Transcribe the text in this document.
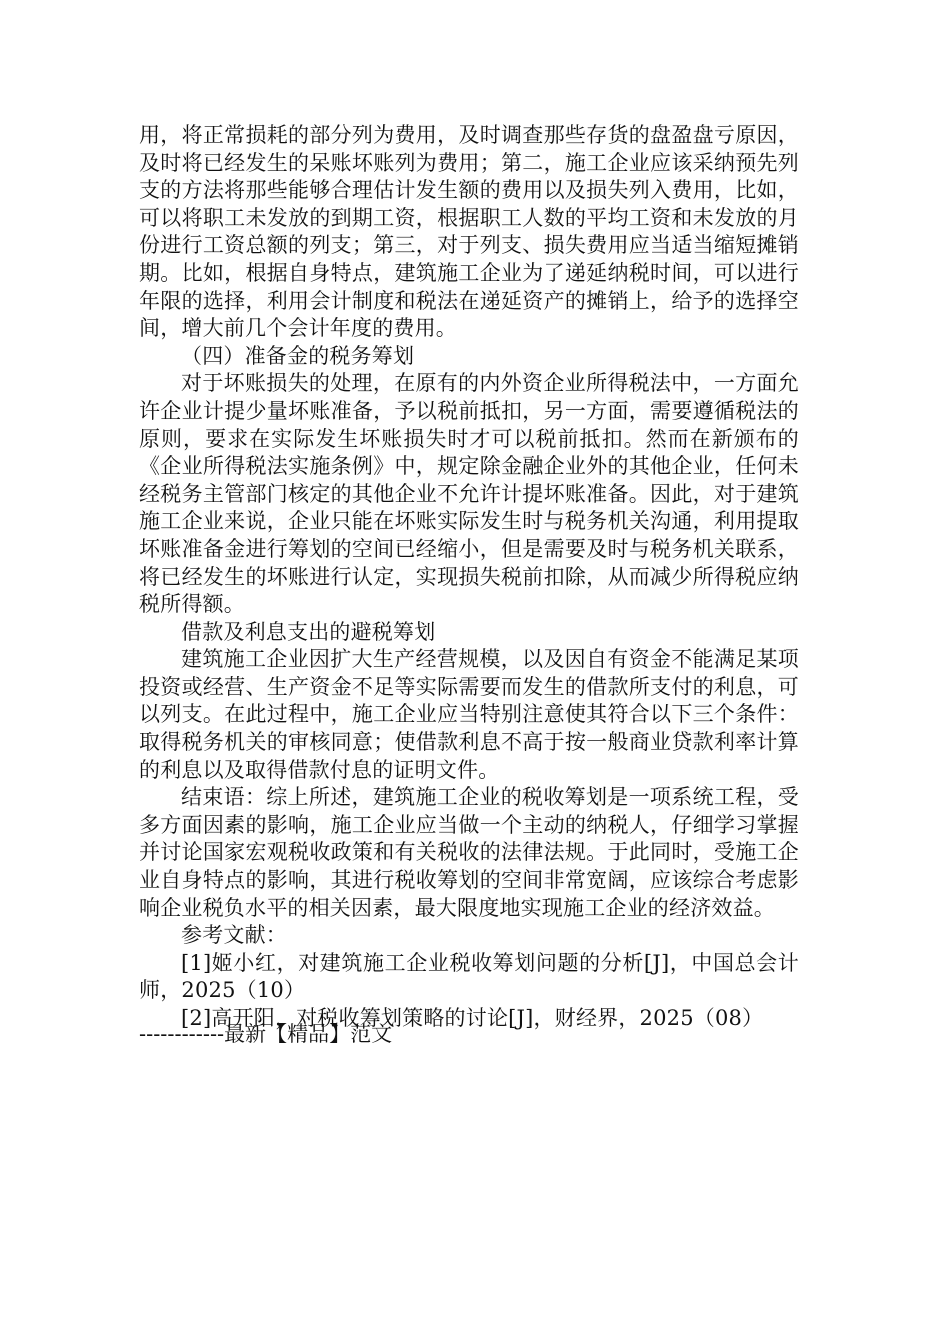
用，将正常损耗的部分列为费用，及时调查那些存货的盘盈盘亏原因，及时将已经发生的呆账坏账列为费用；第二，施工企业应该采纳预先列支的方法将那些能够合理估计发生额的费用以及损失列入费用，比如，可以将职工未发放的到期工资，根据职工人数的平均工资和未发放的月份进行工资总额的列支；第三，对于列支、损失费用应当适当缩短摊销期。比如，根据自身特点，建筑施工企业为了递延纳税时间，可以进行年限的选择，利用会计制度和税法在递延资产的摊销上，给予的选择空间，增大前几个会计年度的费用。

（四）准备金的税务筹划

对于坏账损失的处理，在原有的内外资企业所得税法中，一方面允许企业计提少量坏账准备，予以税前抵扣，另一方面，需要遵循税法的原则，要求在实际发生坏账损失时才可以税前抵扣。然而在新颁布的《企业所得税法实施条例》中，规定除金融企业外的其他企业，任何未经税务主管部门核定的其他企业不允许计提坏账准备。因此，对于建筑施工企业来说，企业只能在坏账实际发生时与税务机关沟通，利用提取坏账准备金进行筹划的空间已经缩小，但是需要及时与税务机关联系，将已经发生的坏账进行认定，实现损失税前扣除，从而减少所得税应纳税所得额。

借款及利息支出的避税筹划

建筑施工企业因扩大生产经营规模，以及因自有资金不能满足某项投资或经营、生产资金不足等实际需要而发生的借款所支付的利息，可以列支。在此过程中，施工企业应当特别注意使其符合以下三个条件：取得税务机关的审核同意；使借款利息不高于按一般商业贷款利率计算的利息以及取得借款付息的证明文件。

结束语：综上所述，建筑施工企业的税收筹划是一项系统工程，受多方面因素的影响，施工企业应当做一个主动的纳税人，仔细学习掌握并讨论国家宏观税收政策和有关税收的法律法规。于此同时，受施工企业自身特点的影响，其进行税收筹划的空间非常宽阔，应该综合考虑影响企业税负水平的相关因素，最大限度地实现施工企业的经济效益。

参考文献：

[1]姬小红，对建筑施工企业税收筹划问题的分析[J]，中国总会计师，2025（10）

[2]高开阳，对税收筹划策略的讨论[J]，财经界，2025（08）

------------最新【精品】范文
